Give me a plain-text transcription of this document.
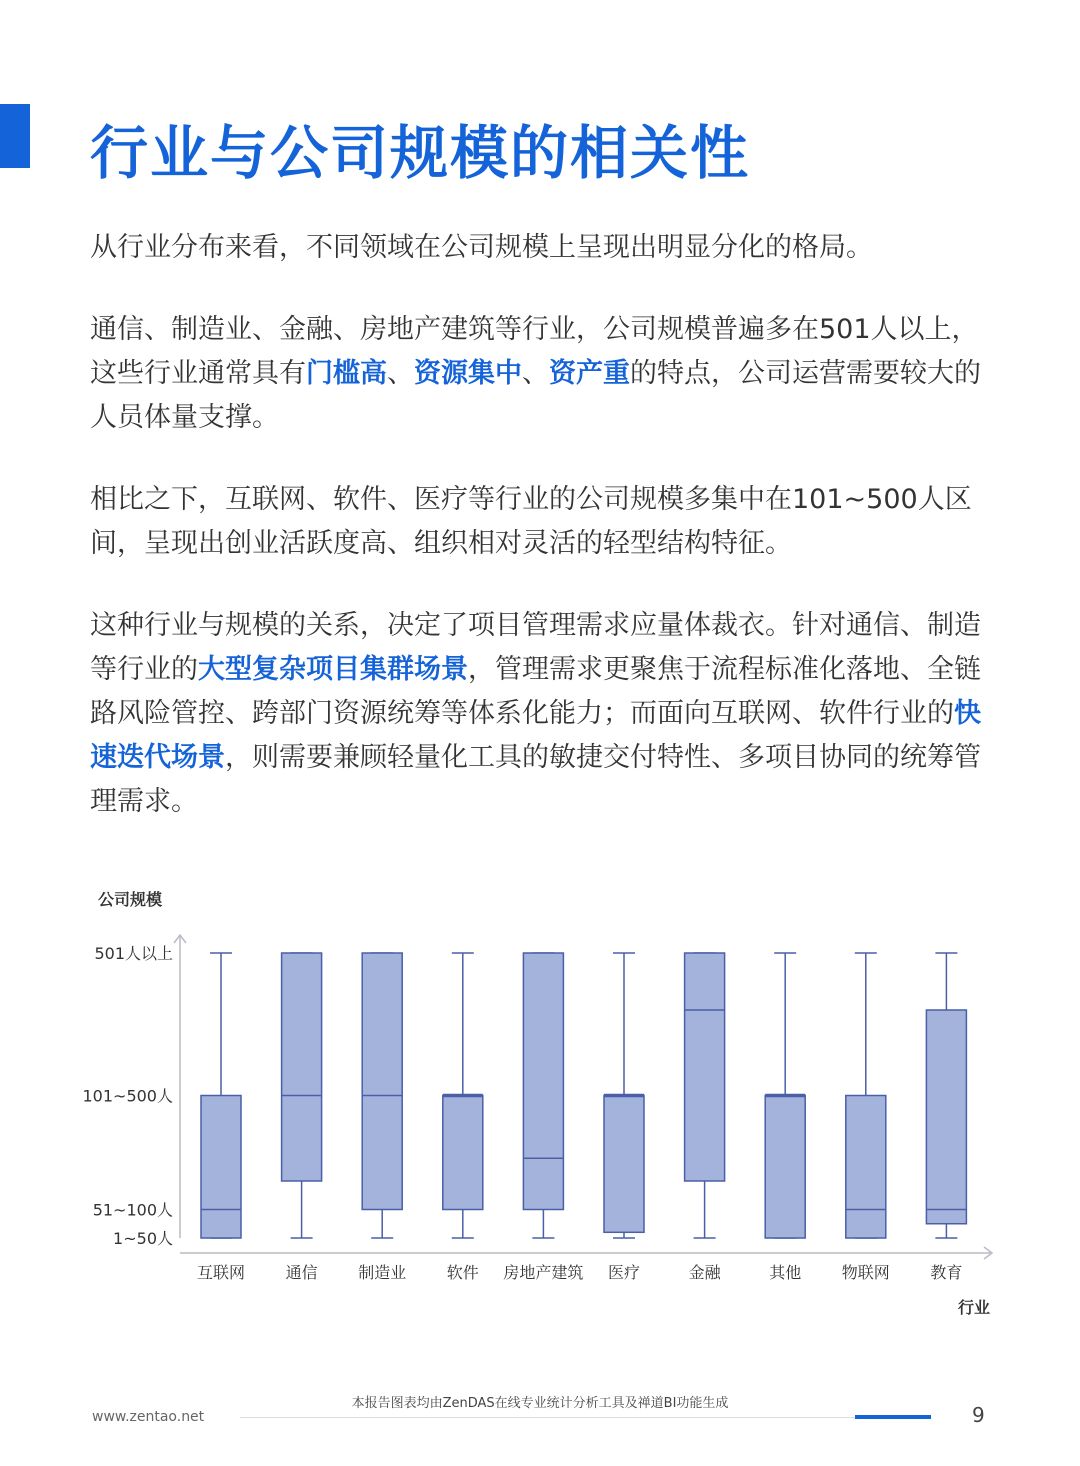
行业与公司规模的相关性

从行业分布来看，不同领域在公司规模上呈现出明显分化的格局。

通信、制造业、金融、房地产建筑等行业，公司规模普遍多在501人以上，这些行业通常具有门槛高、资源集中、资产重的特点，公司运营需要较大的人员体量支撑。

相比之下，互联网、软件、医疗等行业的公司规模多集中在101~500人区间，呈现出创业活跃度高、组织相对灵活的轻型结构特征。

这种行业与规模的关系，决定了项目管理需求应量体裁衣。针对通信、制造等行业的大型复杂项目集群场景，管理需求更聚焦于流程标准化落地、全链路风险管控、跨部门资源统筹等体系化能力；而面向互联网、软件行业的快速迭代场景，则需要兼顾轻量化工具的敏捷交付特性、多项目协同的统筹管理需求。

公司规模
行业
1~50人
51~100人
101~500人
501人以上
互联网	通信	制造业	软件 房地产建筑 医疗	金融	其他	物联网	教育
本报告图表均由ZenDAS在线专业统计分析工具及禅道BI功能生成
www.zentao.net	9
